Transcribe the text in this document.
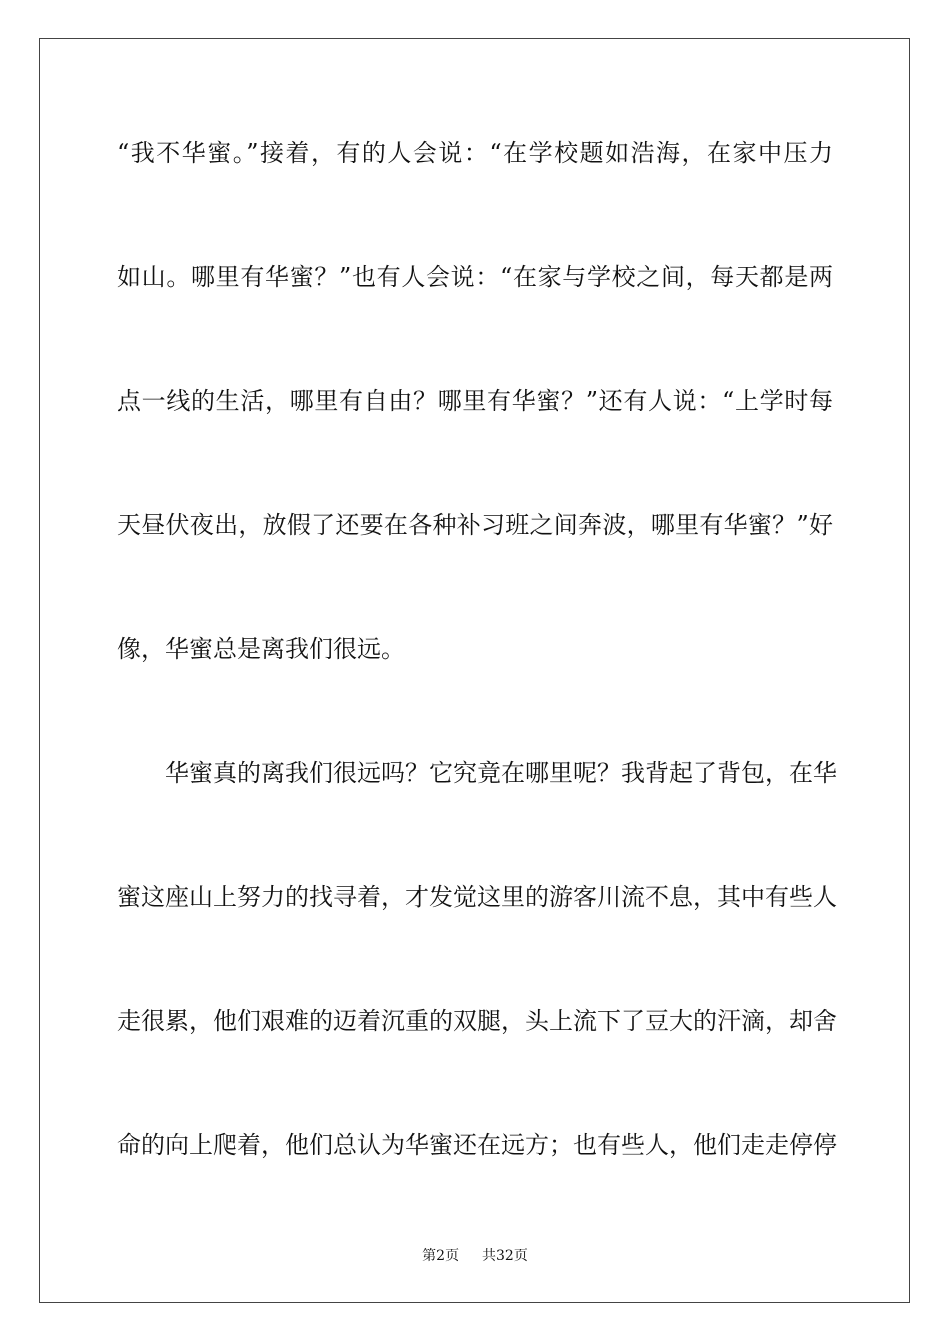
“我不华蜜。”接着，有的人会说：“在学校题如浩海，在家中压力
如山。哪里有华蜜？”也有人会说：“在家与学校之间，每天都是两
点一线的生活，哪里有自由？哪里有华蜜？”还有人说：“上学时每
天昼伏夜出，放假了还要在各种补习班之间奔波，哪里有华蜜？”好
像，华蜜总是离我们很远。
华蜜真的离我们很远吗？它究竟在哪里呢？我背起了背包，在华
蜜这座山上努力的找寻着，才发觉这里的游客川流不息，其中有些人
走很累，他们艰难的迈着沉重的双腿，头上流下了豆大的汗滴，却舍
命的向上爬着，他们总认为华蜜还在远方；也有些人，他们走走停停
第2页 共32页
